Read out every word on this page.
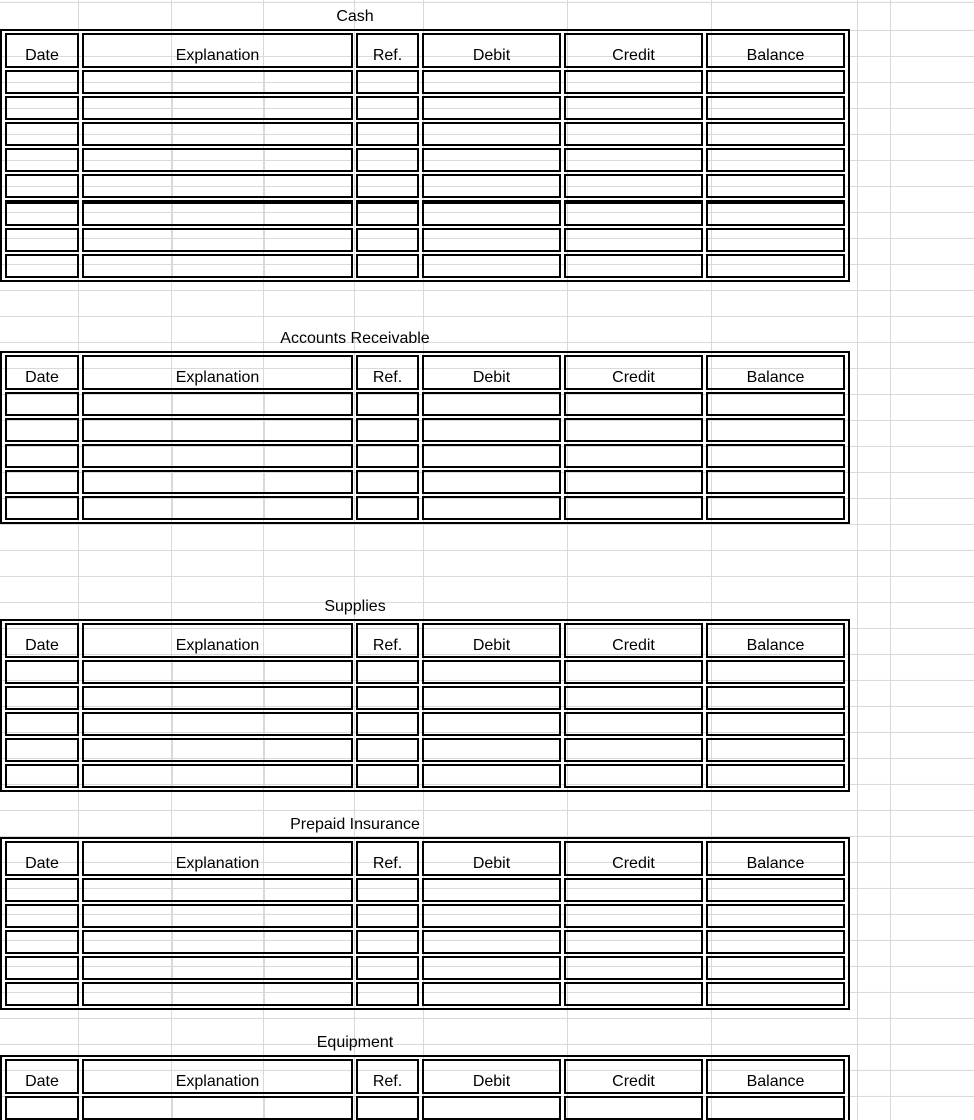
Cash
Date	Explanation	Ref.	Debit	Credit	Balance

Accounts Receivable
Date	Explanation	Ref.	Debit	Credit	Balance

Supplies
Date	Explanation	Ref.	Debit	Credit	Balance

Prepaid Insurance
Date	Explanation	Ref.	Debit	Credit	Balance

Equipment
Date	Explanation	Ref.	Debit	Credit	Balance
